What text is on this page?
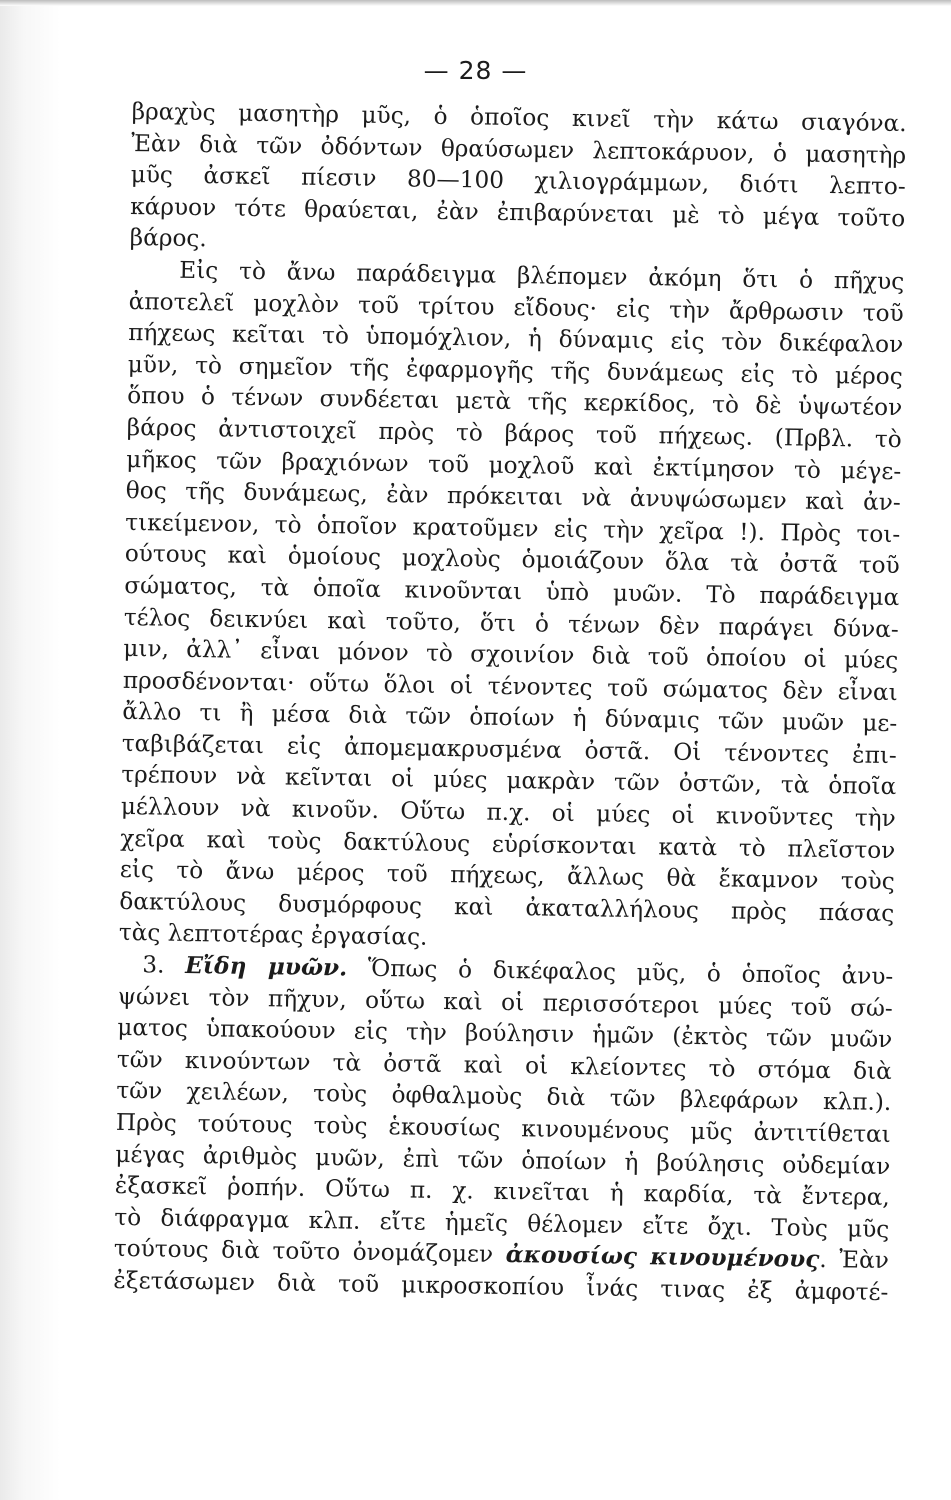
— 28 —
βραχὺς μασητὴρ μῦς, ὁ ὁποῖος κινεῖ τὴν κάτω σιαγόνα.
Ἐὰν διὰ τῶν ὀδόντων θραύσωμεν λεπτοκάρυον, ὁ μασητὴρ
μῦς ἀσκεῖ πίεσιν 80—100 χιλιογράμμων, διότι λεπτο-
κάρυον τότε θραύεται, ἐὰν ἐπιβαρύνεται μὲ τὸ μέγα τοῦτο
βάρος.
Εἰς τὸ ἄνω παράδειγμα βλέπομεν ἀκόμη ὅτι ὁ πῆχυς
ἀποτελεῖ μοχλὸν τοῦ τρίτου εἴδους· εἰς τὴν ἄρθρωσιν τοῦ
πήχεως κεῖται τὸ ὑπομόχλιον, ἡ δύναμις εἰς τὸν δικέφαλον
μῦν, τὸ σημεῖον τῆς ἐφαρμογῆς τῆς δυνάμεως εἰς τὸ μέρος
ὅπου ὁ τένων συνδέεται μετὰ τῆς κερκίδος, τὸ δὲ ὑψωτέον
βάρος ἀντιστοιχεῖ πρὸς τὸ βάρος τοῦ πήχεως. (Πρβλ. τὸ
μῆκος τῶν βραχιόνων τοῦ μοχλοῦ καὶ ἐκτίμησον τὸ μέγε-
θος τῆς δυνάμεως, ἐὰν πρόκειται νὰ ἀνυψώσωμεν καὶ ἀν-
τικείμενον, τὸ ὁποῖον κρατοῦμεν εἰς τὴν χεῖρα !). Πρὸς τοι-
ούτους καὶ ὁμοίους μοχλοὺς ὁμοιάζουν ὅλα τὰ ὀστᾶ τοῦ
σώματος, τὰ ὁποῖα κινοῦνται ὑπὸ μυῶν. Τὸ παράδειγμα
τέλος δεικνύει καὶ τοῦτο, ὅτι ὁ τένων δὲν παράγει δύνα-
μιν, ἀλλ᾽ εἶναι μόνον τὸ σχοινίον διὰ τοῦ ὁποίου οἱ μύες
προσδένονται· οὕτω ὅλοι οἱ τένοντες τοῦ σώματος δὲν εἶναι
ἄλλο τι ἢ μέσα διὰ τῶν ὁποίων ἡ δύναμις τῶν μυῶν με-
ταβιβάζεται εἰς ἀπομεμακρυσμένα ὀστᾶ. Οἱ τένοντες ἐπι-
τρέπουν νὰ κεῖνται οἱ μύες μακρὰν τῶν ὀστῶν, τὰ ὁποῖα
μέλλουν νὰ κινοῦν. Οὕτω π.χ. οἱ μύες οἱ κινοῦντες τὴν
χεῖρα καὶ τοὺς δακτύλους εὑρίσκονται κατὰ τὸ πλεῖστον
εἰς τὸ ἄνω μέρος τοῦ πήχεως, ἄλλως θὰ ἔκαμνον τοὺς
δακτύλους δυσμόρφους καὶ ἀκαταλλήλους πρὸς πάσας
τὰς λεπτοτέρας ἐργασίας.
3. Εἴδη μυῶν. Ὅπως ὁ δικέφαλος μῦς, ὁ ὁποῖος ἀνυ-
ψώνει τὸν πῆχυν, οὕτω καὶ οἱ περισσότεροι μύες τοῦ σώ-
ματος ὑπακούουν εἰς τὴν βούλησιν ἡμῶν (ἐκτὸς τῶν μυῶν
τῶν κινούντων τὰ ὀστᾶ καὶ οἱ κλείοντες τὸ στόμα διὰ
τῶν χειλέων, τοὺς ὀφθαλμοὺς διὰ τῶν βλεφάρων κλπ.).
Πρὸς τούτους τοὺς ἑκουσίως κινουμένους μῦς ἀντιτίθεται
μέγας ἀριθμὸς μυῶν, ἐπὶ τῶν ὁποίων ἡ βούλησις οὐδεμίαν
ἐξασκεῖ ῥοπήν. Οὕτω π. χ. κινεῖται ἡ καρδία, τὰ ἔντερα,
τὸ διάφραγμα κλπ. εἴτε ἡμεῖς θέλομεν εἴτε ὄχι. Τοὺς μῦς
τούτους διὰ τοῦτο ὀνομάζομεν ἀκουσίως κινουμένους. Ἐὰν
ἐξετάσωμεν διὰ τοῦ μικροσκοπίου ἶνάς τινας ἐξ ἀμφοτέ-
